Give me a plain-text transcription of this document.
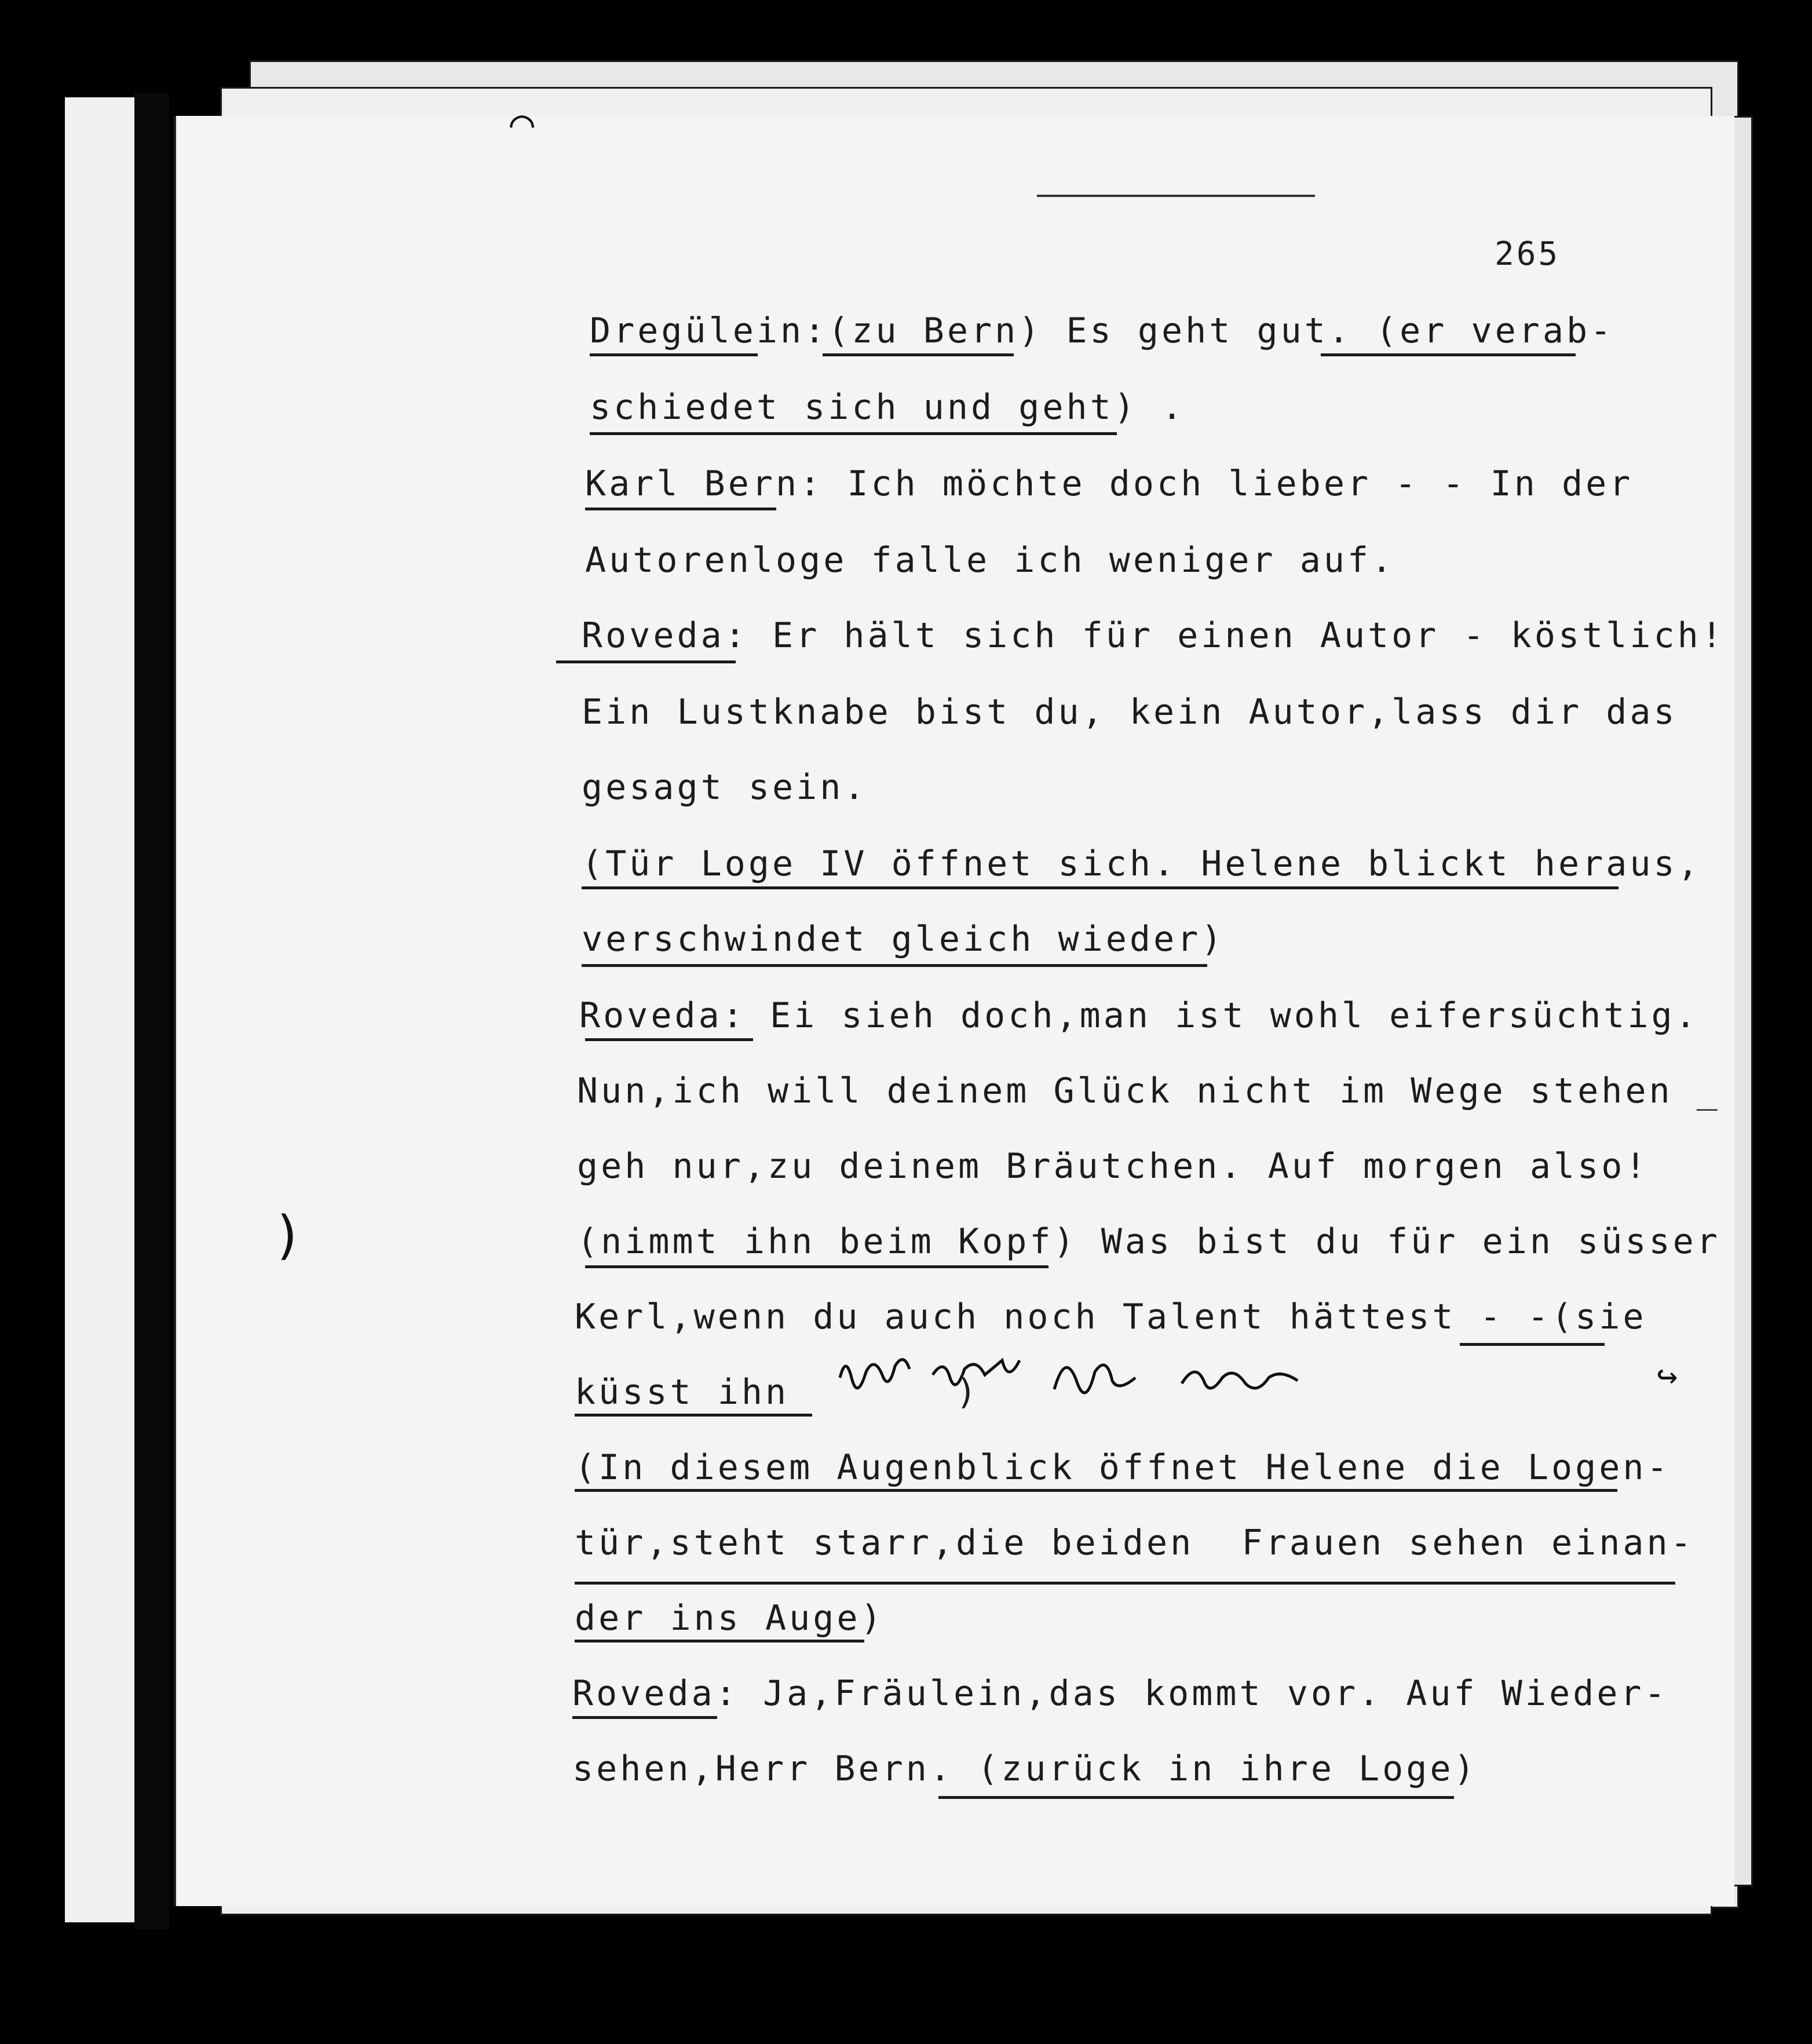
265
Dregülein:(zu Bern) Es geht gut. (er verab-
schiedet sich und geht) .
Karl Bern: Ich möchte doch lieber - - In der
Autorenloge falle ich weniger auf.
Roveda: Er hält sich für einen Autor - köstlich!
Ein Lustknabe bist du, kein Autor,lass dir das
gesagt sein.
(Tür Loge IV öffnet sich. Helene blickt heraus,
verschwindet gleich wieder)
Roveda: Ei sieh doch,man ist wohl eifersüchtig.
Nun,ich will deinem Glück nicht im Wege stehen _
geh nur,zu deinem Bräutchen. Auf morgen also!
(nimmt ihn beim Kopf) Was bist du für ein süsser
Kerl,wenn du auch noch Talent hättest - -(sie
küsst ihn       )
(In diesem Augenblick öffnet Helene die Logen-
tür,steht starr,die beiden  Frauen sehen einan-
der ins Auge)
Roveda: Ja,Fräulein,das kommt vor. Auf Wieder-
sehen,Herr Bern. (zurück in ihre Loge)
⌒
)
↪
